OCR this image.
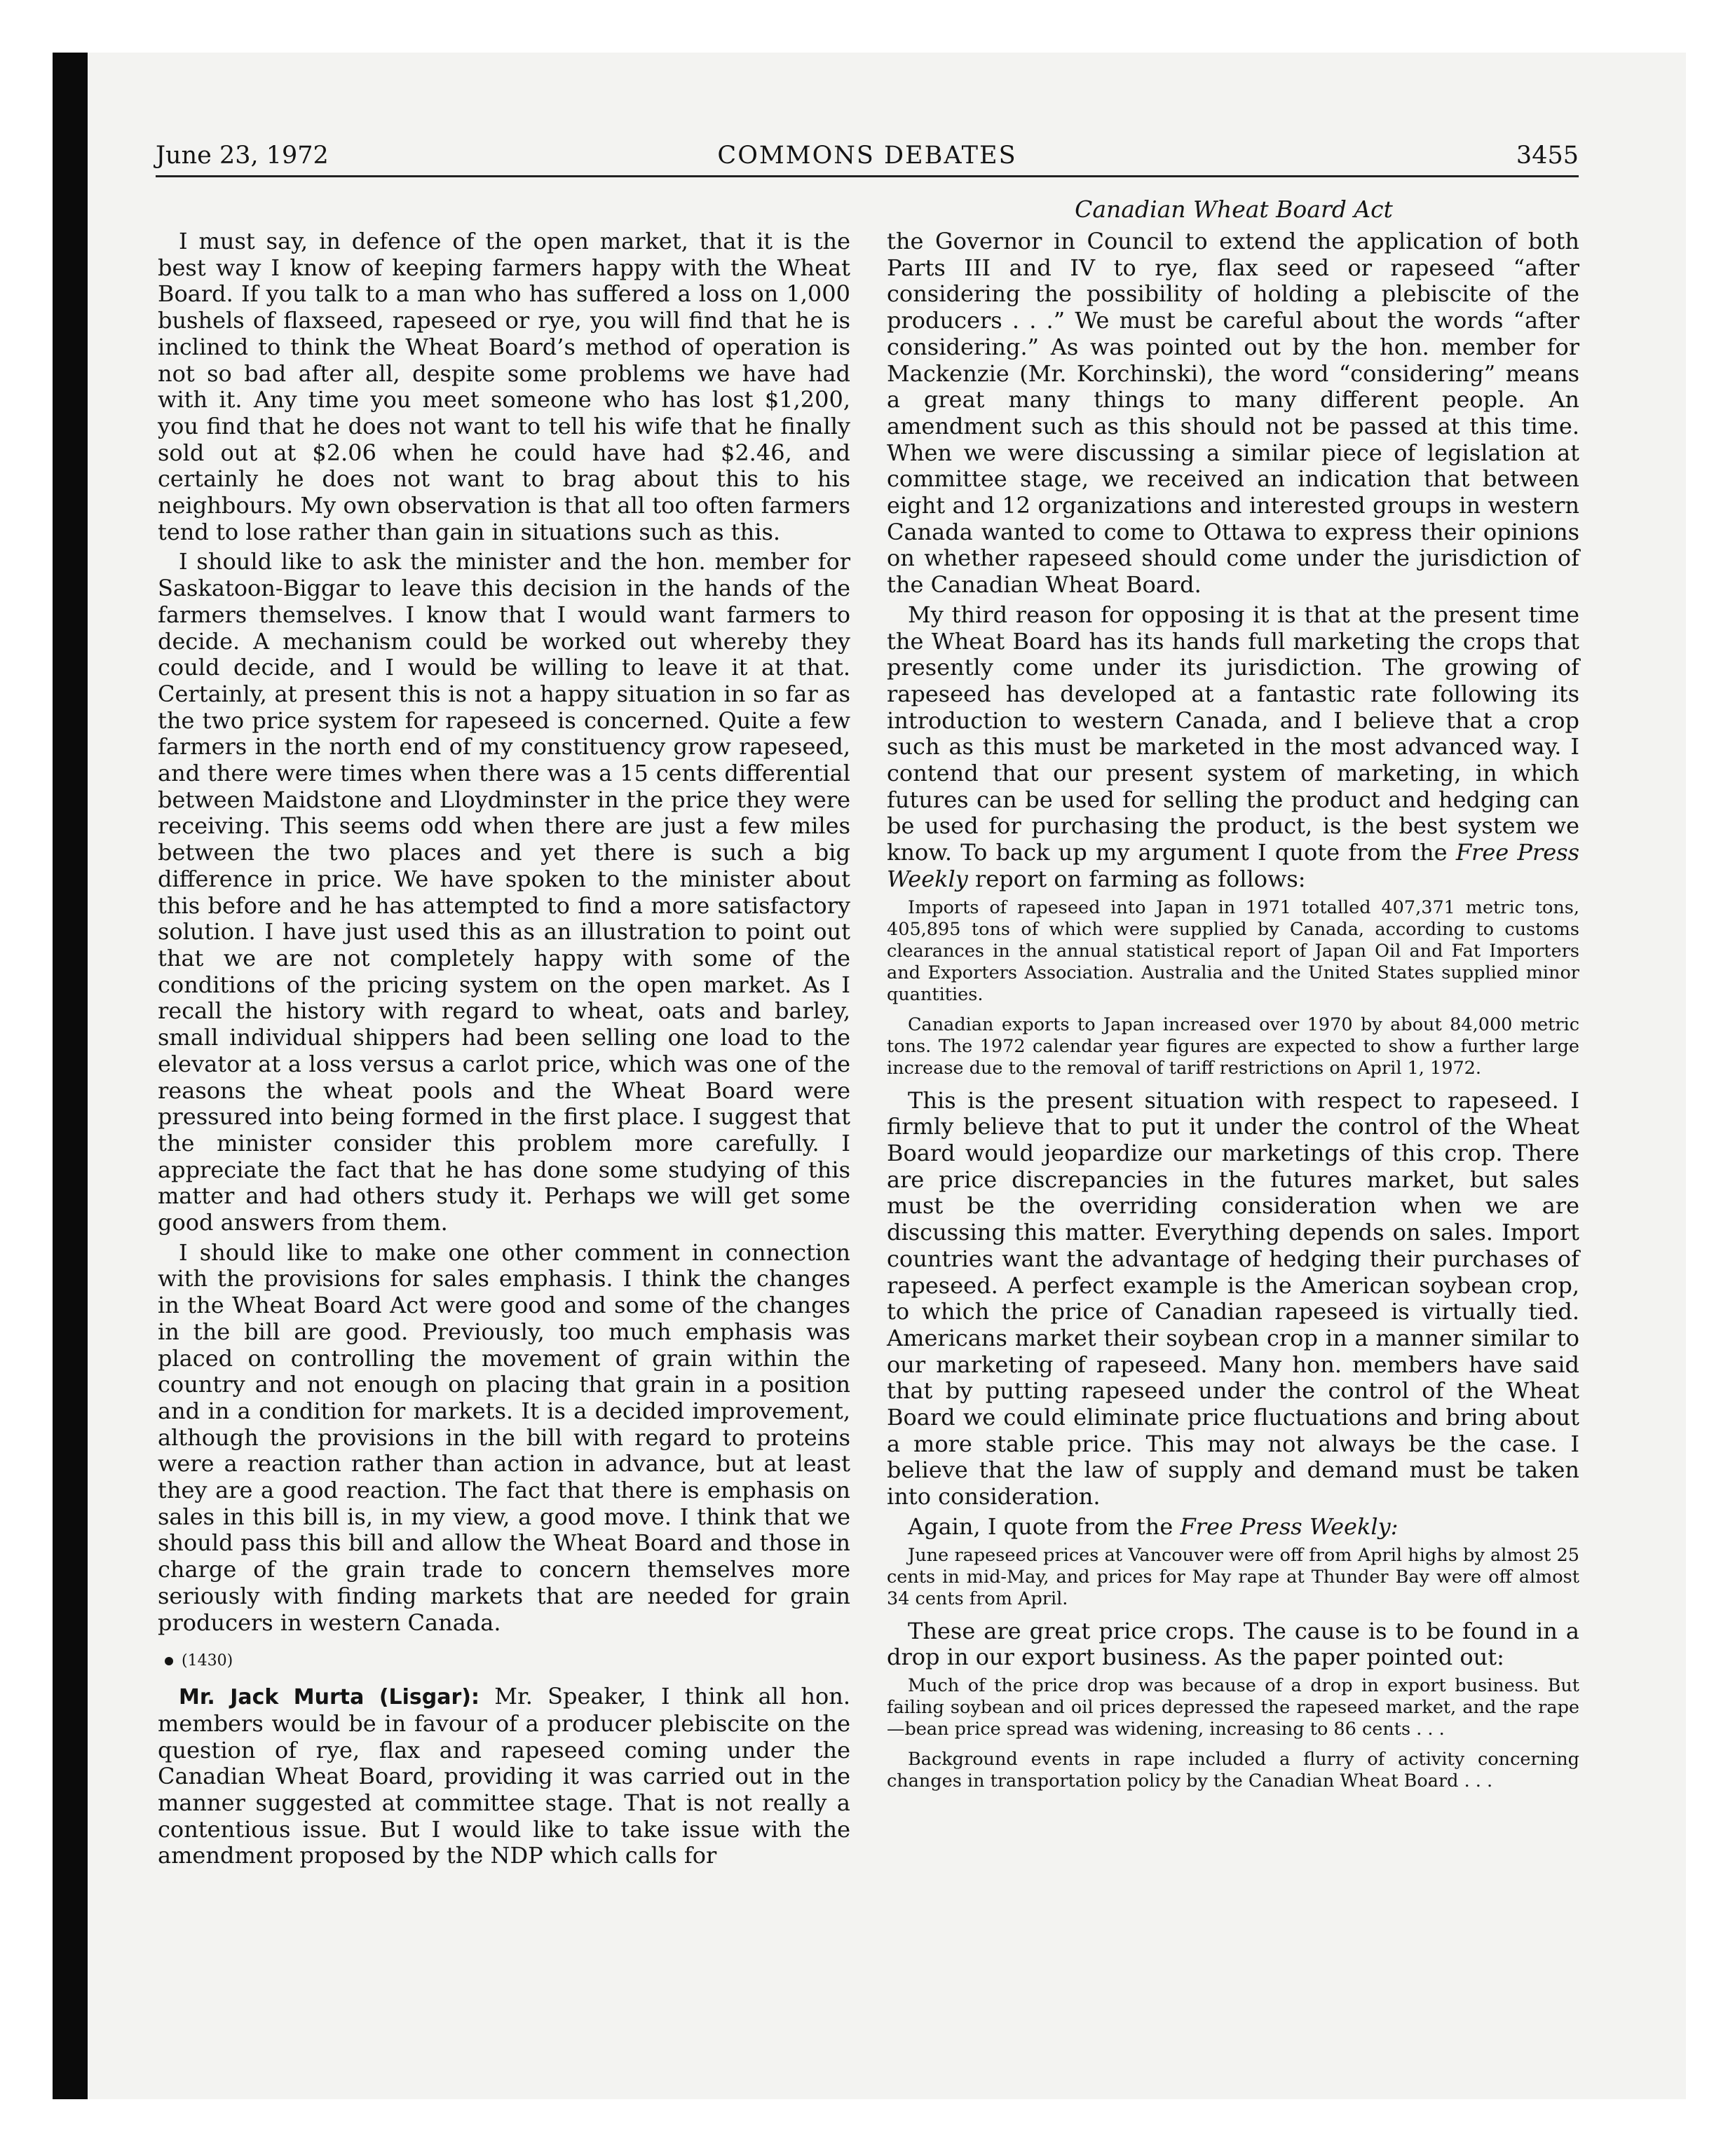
June 23, 1972	COMMONS DEBATES	3455
Canadian Wheat Board Act

I must say, in defence of the open market, that it is the best way I know of keeping farmers happy with the Wheat Board. If you talk to a man who has suffered a loss on 1,000 bushels of flaxseed, rapeseed or rye, you will find that he is inclined to think the Wheat Board’s method of operation is not so bad after all, despite some problems we have had with it. Any time you meet someone who has lost $1,200, you find that he does not want to tell his wife that he finally sold out at $2.06 when he could have had $2.46, and certainly he does not want to brag about this to his neighbours. My own observation is that all too often farmers tend to lose rather than gain in situations such as this.

I should like to ask the minister and the hon. member for Saskatoon-Biggar to leave this decision in the hands of the farmers themselves. I know that I would want farmers to decide. A mechanism could be worked out whereby they could decide, and I would be willing to leave it at that. Certainly, at present this is not a happy situation in so far as the two price system for rapeseed is concerned. Quite a few farmers in the north end of my constituency grow rapeseed, and there were times when there was a 15 cents differential between Maidstone and Lloydminster in the price they were receiving. This seems odd when there are just a few miles between the two places and yet there is such a big difference in price. We have spoken to the minister about this before and he has attempted to find a more satisfactory solution. I have just used this as an illustration to point out that we are not completely happy with some of the conditions of the pricing system on the open market. As I recall the history with regard to wheat, oats and barley, small individual shippers had been selling one load to the elevator at a loss versus a carlot price, which was one of the reasons the wheat pools and the Wheat Board were pressured into being formed in the first place. I suggest that the minister consider this problem more carefully. I appreciate the fact that he has done some studying of this matter and had others study it. Perhaps we will get some good answers from them.

I should like to make one other comment in connection with the provisions for sales emphasis. I think the changes in the Wheat Board Act were good and some of the changes in the bill are good. Previously, too much emphasis was placed on controlling the movement of grain within the country and not enough on placing that grain in a position and in a condition for markets. It is a decided improvement, although the provisions in the bill with regard to proteins were a reaction rather than action in advance, but at least they are a good reaction. The fact that there is emphasis on sales in this bill is, in my view, a good move. I think that we should pass this bill and allow the Wheat Board and those in charge of the grain trade to concern themselves more seriously with finding markets that are needed for grain producers in western Canada.

(1430)

Mr. Jack Murta (Lisgar): Mr. Speaker, I think all hon. members would be in favour of a producer plebiscite on the question of rye, flax and rapeseed coming under the Canadian Wheat Board, providing it was carried out in the manner suggested at committee stage. That is not really a contentious issue. But I would like to take issue with the amendment proposed by the NDP which calls for

the Governor in Council to extend the application of both Parts III and IV to rye, flax seed or rapeseed “after considering the possibility of holding a plebiscite of the producers . . .” We must be careful about the words “after considering.” As was pointed out by the hon. member for Mackenzie (Mr. Korchinski), the word “considering” means a great many things to many different people. An amendment such as this should not be passed at this time. When we were discussing a similar piece of legislation at committee stage, we received an indication that between eight and 12 organizations and interested groups in western Canada wanted to come to Ottawa to express their opinions on whether rapeseed should come under the jurisdiction of the Canadian Wheat Board.

My third reason for opposing it is that at the present time the Wheat Board has its hands full marketing the crops that presently come under its jurisdiction. The growing of rapeseed has developed at a fantastic rate following its introduction to western Canada, and I believe that a crop such as this must be marketed in the most advanced way. I contend that our present system of marketing, in which futures can be used for selling the product and hedging can be used for purchasing the product, is the best system we know. To back up my argument I quote from the Free Press Weekly report on farming as follows:

Imports of rapeseed into Japan in 1971 totalled 407,371 metric tons, 405,895 tons of which were supplied by Canada, according to customs clearances in the annual statistical report of Japan Oil and Fat Importers and Exporters Association. Australia and the United States supplied minor quantities.
Canadian exports to Japan increased over 1970 by about 84,000 metric tons. The 1972 calendar year figures are expected to show a further large increase due to the removal of tariff restrictions on April 1, 1972.

This is the present situation with respect to rapeseed. I firmly believe that to put it under the control of the Wheat Board would jeopardize our marketings of this crop. There are price discrepancies in the futures market, but sales must be the overriding consideration when we are discussing this matter. Everything depends on sales. Import countries want the advantage of hedging their purchases of rapeseed. A perfect example is the American soybean crop, to which the price of Canadian rapeseed is virtually tied. Americans market their soybean crop in a manner similar to our marketing of rapeseed. Many hon. members have said that by putting rapeseed under the control of the Wheat Board we could eliminate price fluctuations and bring about a more stable price. This may not always be the case. I believe that the law of supply and demand must be taken into consideration.

Again, I quote from the Free Press Weekly:

June rapeseed prices at Vancouver were off from April highs by almost 25 cents in mid-May, and prices for May rape at Thunder Bay were off almost 34 cents from April.

These are great price crops. The cause is to be found in a drop in our export business. As the paper pointed out:

Much of the price drop was because of a drop in export business. But failing soybean and oil prices depressed the rapeseed market, and the rape—bean price spread was widening, increasing to 86 cents . . .
Background events in rape included a flurry of activity concerning changes in transportation policy by the Canadian Wheat Board . . .
